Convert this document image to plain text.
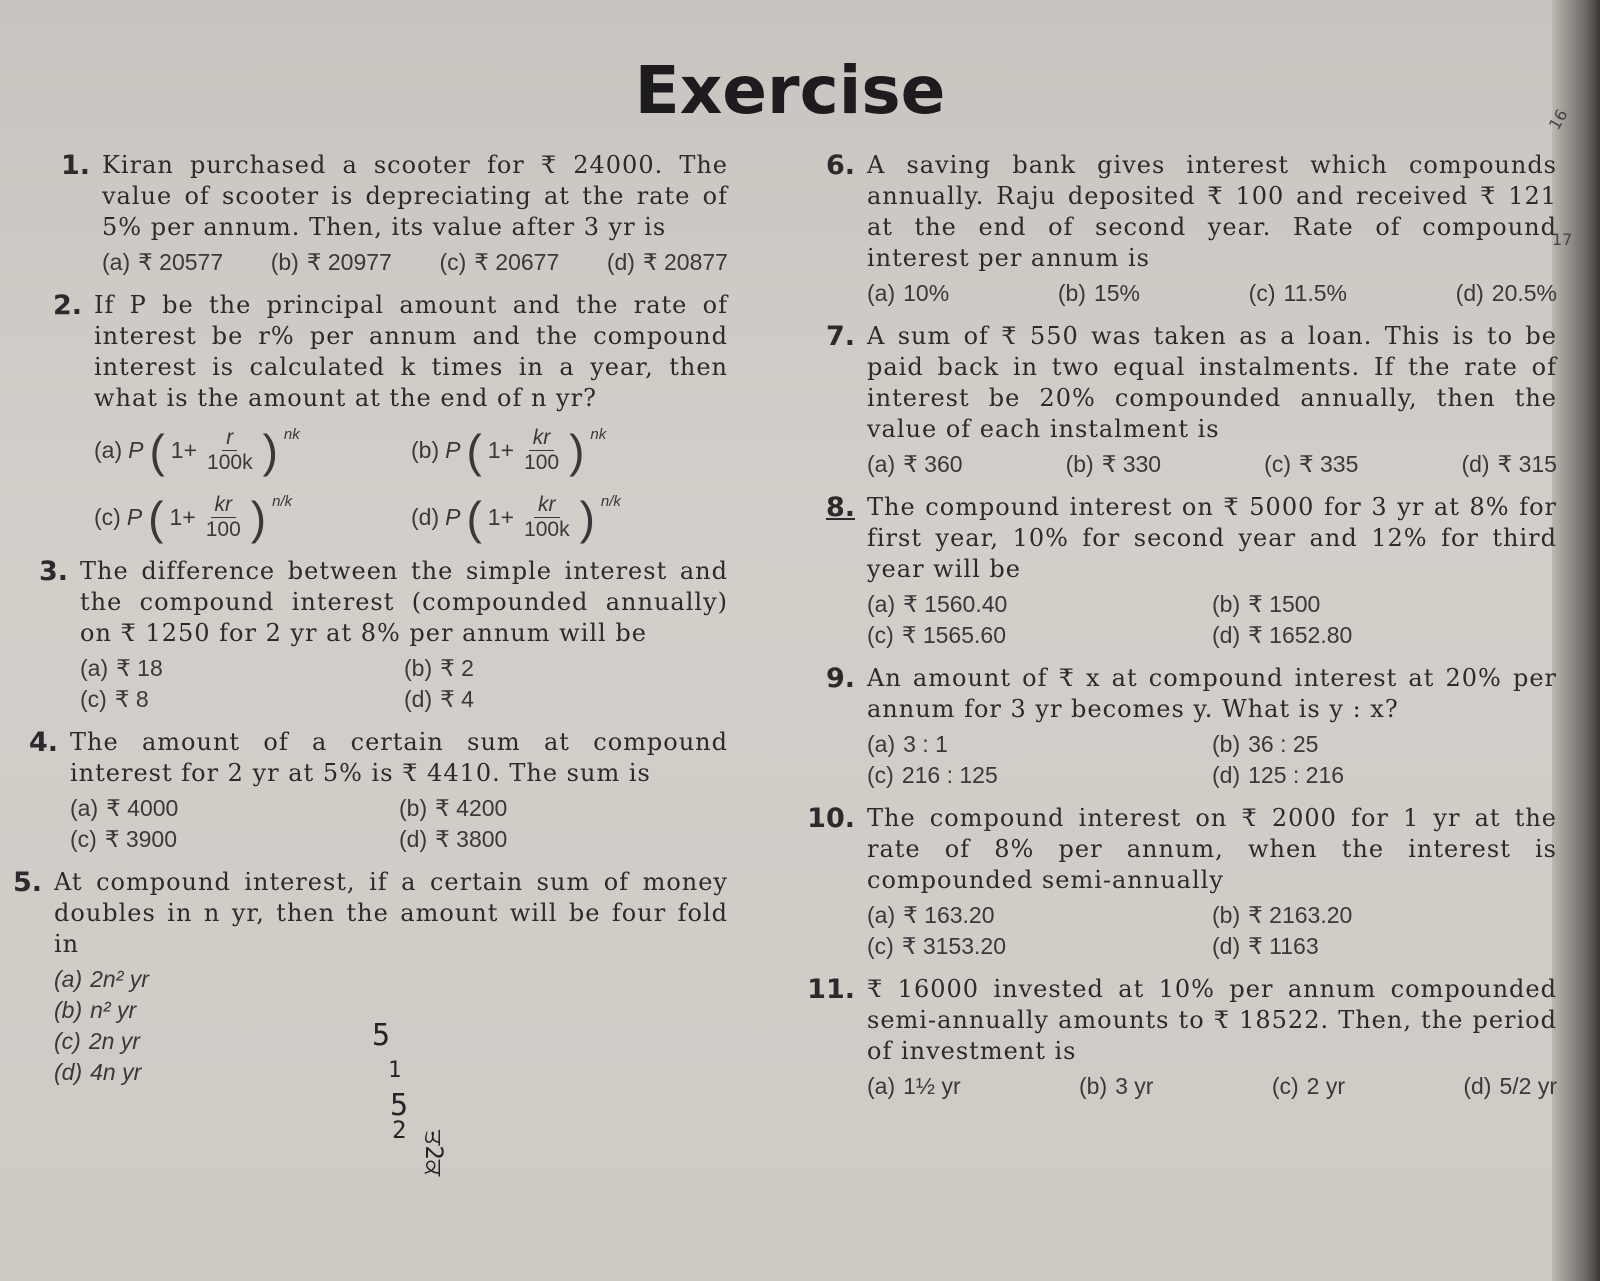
Exercise
1. Kiran purchased a scooter for ₹ 24000. The value of scooter is depreciating at the rate of 5% per annum. Then, its value after 3 yr is
(a) ₹ 20577 (b) ₹ 20977 (c) ₹ 20677 (d) ₹ 20877
2. If P be the principal amount and the rate of interest be r% per annum and the compound interest is calculated k times in a year, then what is the amount at the end of n yr?
(a) P ( $1+ \frac{r}{100k}$ ) nk
(b) P ( $1+ \frac{kr}{100}$ ) nk
(c) P ( $1+ \frac{kr}{100}$ ) n/k
(d) P ( $1+ \frac{kr}{100k}$ ) n/k
3. The difference between the simple interest and the compound interest (compounded annually) on ₹ 1250 for 2 yr at 8% per annum will be
(a) ₹ 18	(b) ₹ 2
(c) ₹ 8	(d) ₹ 4
4. The amount of a certain sum at compound interest for 2 yr at 5% is ₹ 4410. The sum is
(a) ₹ 4000	(b) ₹ 4200
(c) ₹ 3900	(d) ₹ 3800
5. At compound interest, if a certain sum of money doubles in n yr, then the amount will be four fold in
(a) 2n² yr
(b) n² yr
(c) 2n yr
(d) 4n yr
6. A saving bank gives interest which compounds annually. Raju deposited ₹ 100 and received ₹ 121 at the end of second year. Rate of compound interest per annum is
(a) 10%	(b) 15%	(c) 11.5%	(d) 20.5%
7. A sum of ₹ 550 was taken as a loan. This is to be paid back in two equal instalments. If the rate of interest be 20% compounded annually, then the value of each instalment is
(a) ₹ 360	(b) ₹ 330	(c) ₹ 335	(d) ₹ 315
8. The compound interest on ₹ 5000 for 3 yr at 8% for first year, 10% for second year and 12% for third year will be
(a) ₹ 1560.40	(b) ₹ 1500
(c) ₹ 1565.60	(d) ₹ 1652.80
9. An amount of ₹ x at compound interest at 20% per annum for 3 yr becomes y. What is y : x?
(a) 3 : 1	(b) 36 : 25
(c) 216 : 125	(d) 125 : 216
10. The compound interest on ₹ 2000 for 1 yr at the rate of 8% per annum, when the interest is compounded semi-annually
(a) ₹ 163.20	(b) ₹ 2163.20
(c) ₹ 3153.20	(d) ₹ 1163
11. ₹ 16000 invested at 10% per annum compounded semi-annually amounts to ₹ 18522. Then, the period of investment is
(a) 1½ yr	(b) 3 yr	(c) 2 yr	(d) 5/2 yr
5
1
5
2 ਤ2ਕ
16
17
